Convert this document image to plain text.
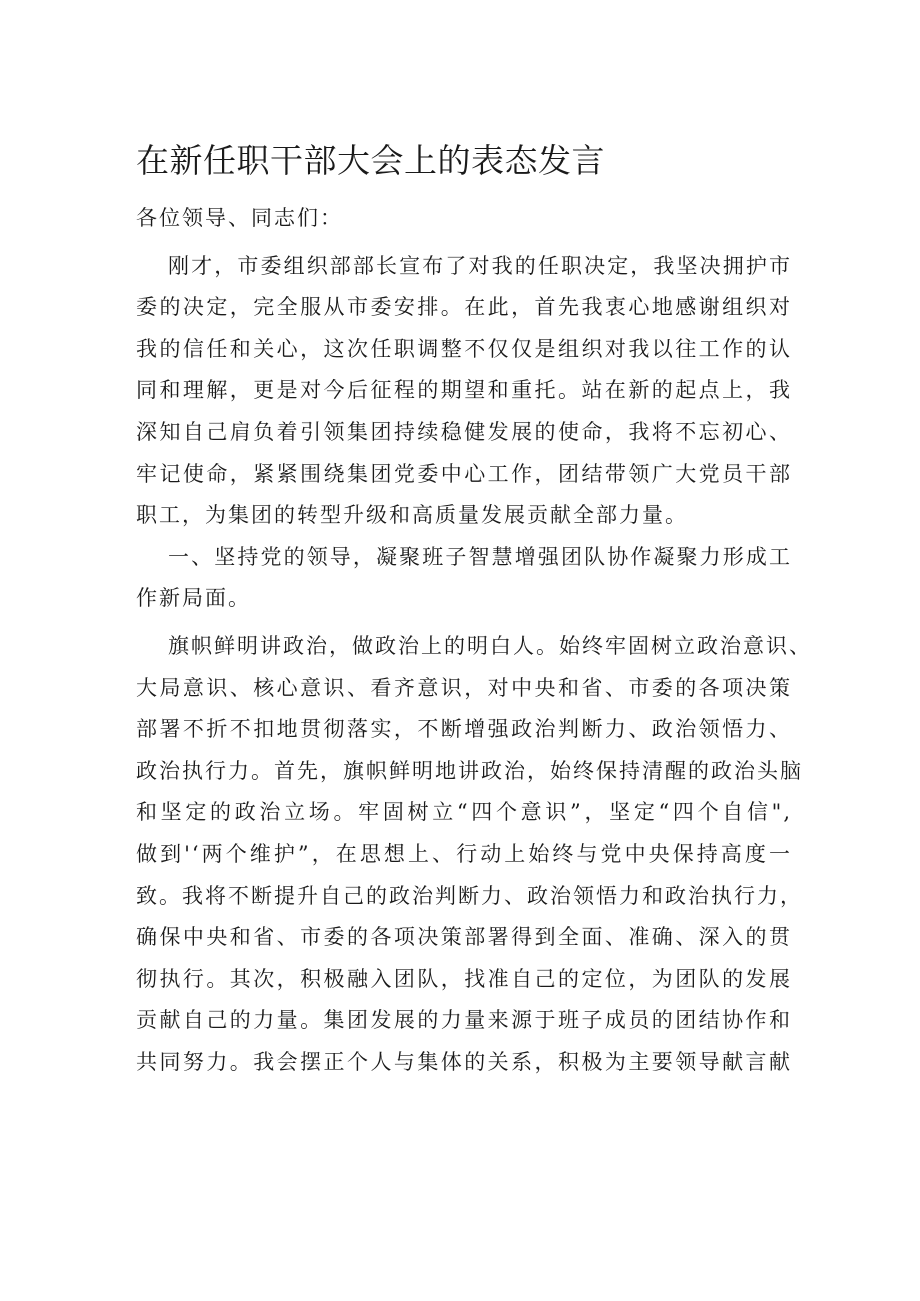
在新任职干部大会上的表态发言

各位领导、同志们：

刚才，市委组织部部长宣布了对我的任职决定，我坚决拥护市
委的决定，完全服从市委安排。在此，首先我衷心地感谢组织对
我的信任和关心，这次任职调整不仅仅是组织对我以往工作的认
同和理解，更是对今后征程的期望和重托。站在新的起点上，我
深知自己肩负着引领集团持续稳健发展的使命，我将不忘初心、
牢记使命，紧紧围绕集团党委中心工作，团结带领广大党员干部
职工，为集团的转型升级和高质量发展贡献全部力量。

一、坚持党的领导，凝聚班子智慧增强团队协作凝聚力形成工
作新局面。

旗帜鲜明讲政治，做政治上的明白人。始终牢固树立政治意识、
大局意识、核心意识、看齐意识，对中央和省、市委的各项决策
部署不折不扣地贯彻落实，不断增强政治判断力、政治领悟力、
政治执行力。首先，旗帜鲜明地讲政治，始终保持清醒的政治头脑
和坚定的政治立场。牢固树立“四个意识”，坚定“四个自信",
做到'‘两个维护”，在思想上、行动上始终与党中央保持高度一
致。我将不断提升自己的政治判断力、政治领悟力和政治执行力，
确保中央和省、市委的各项决策部署得到全面、准确、深入的贯
彻执行。其次，积极融入团队，找准自己的定位，为团队的发展
贡献自己的力量。集团发展的力量来源于班子成员的团结协作和
共同努力。我会摆正个人与集体的关系，积极为主要领导献言献
